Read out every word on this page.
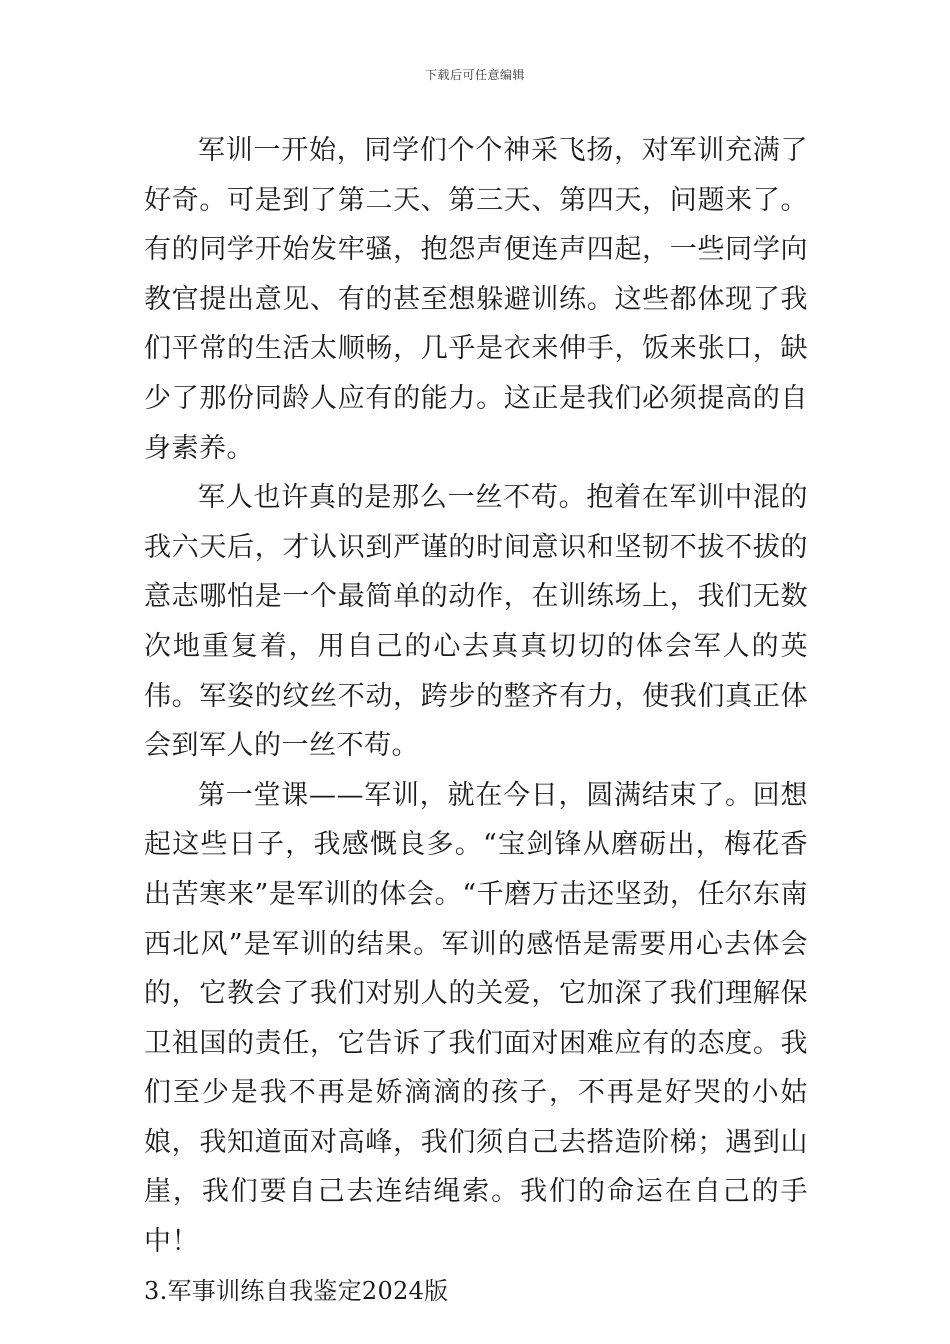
下载后可任意编辑

军训一开始，同学们个个神采飞扬，对军训充满了好奇。可是到了第二天、第三天、第四天，问题来了。有的同学开始发牢骚，抱怨声便连声四起，一些同学向教官提出意见、有的甚至想躲避训练。这些都体现了我们平常的生活太顺畅，几乎是衣来伸手，饭来张口，缺少了那份同龄人应有的能力。这正是我们必须提高的自身素养。

军人也许真的是那么一丝不苟。抱着在军训中混的我六天后，才认识到严谨的时间意识和坚韧不拔不拔的意志哪怕是一个最简单的动作，在训练场上，我们无数次地重复着，用自己的心去真真切切的体会军人的英伟。军姿的纹丝不动，跨步的整齐有力，使我们真正体会到军人的一丝不苟。

第一堂课——军训，就在今日，圆满结束了。回想起这些日子，我感慨良多。“宝剑锋从磨砺出，梅花香出苦寒来”是军训的体会。“千磨万击还坚劲，任尔东南西北风”是军训的结果。军训的感悟是需要用心去体会的，它教会了我们对别人的关爱，它加深了我们理解保卫祖国的责任，它告诉了我们面对困难应有的态度。我们至少是我不再是娇滴滴的孩子，不再是好哭的小姑娘，我知道面对高峰，我们须自己去搭造阶梯；遇到山崖，我们要自己去连结绳索。我们的命运在自己的手中！

3.军事训练自我鉴定2024版
